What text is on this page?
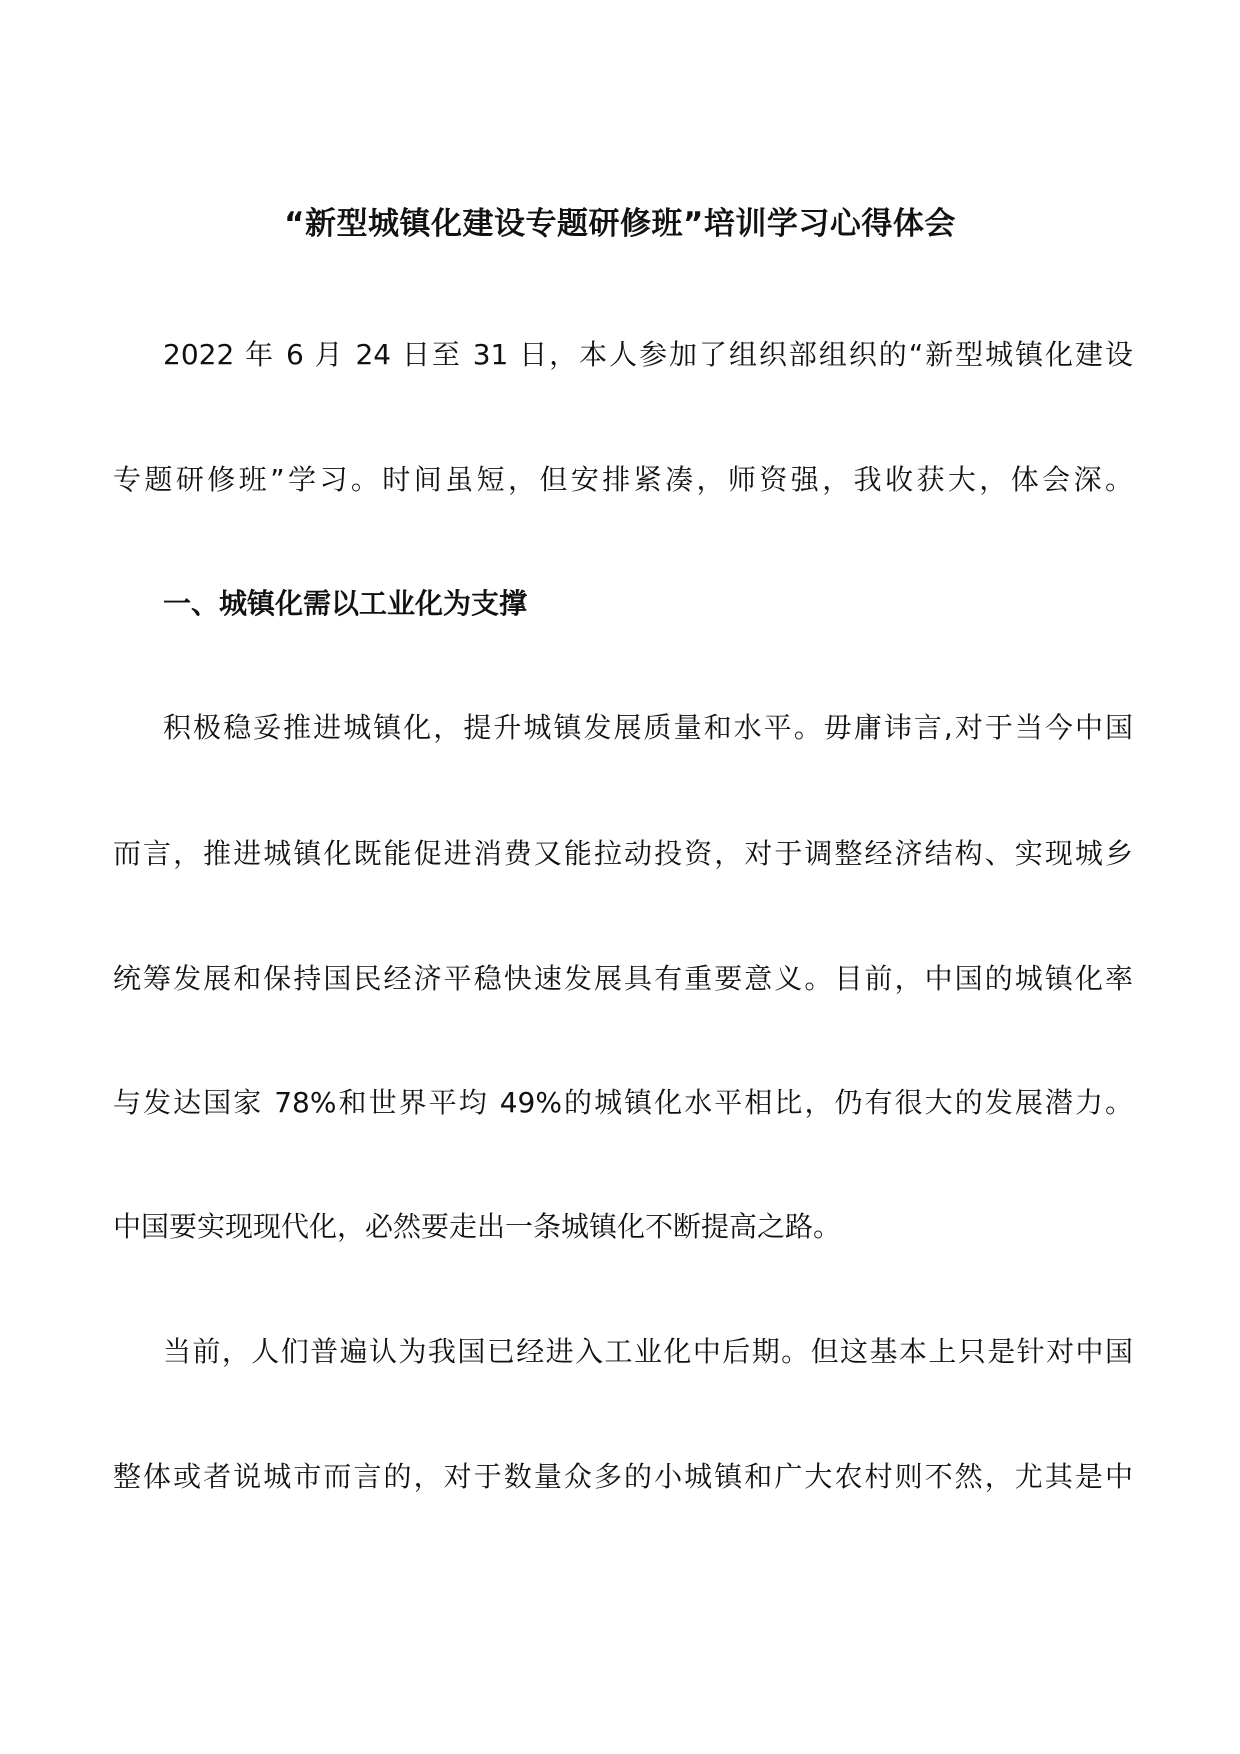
“新型城镇化建设专题研修班”培训学习心得体会
2022 年 6 月 24 日至 31 日，本人参加了组织部组织的“新型城镇化建设
专题研修班”学习。时间虽短，但安排紧凑，师资强，我收获大，体会深。
一、城镇化需以工业化为支撑
积极稳妥推进城镇化，提升城镇发展质量和水平。毋庸讳言,对于当今中国
而言，推进城镇化既能促进消费又能拉动投资，对于调整经济结构、实现城乡
统筹发展和保持国民经济平稳快速发展具有重要意义。目前，中国的城镇化率
与发达国家 78%和世界平均 49%的城镇化水平相比，仍有很大的发展潜力。
中国要实现现代化，必然要走出一条城镇化不断提高之路。
当前，人们普遍认为我国已经进入工业化中后期。但这基本上只是针对中国
整体或者说城市而言的，对于数量众多的小城镇和广大农村则不然，尤其是中
